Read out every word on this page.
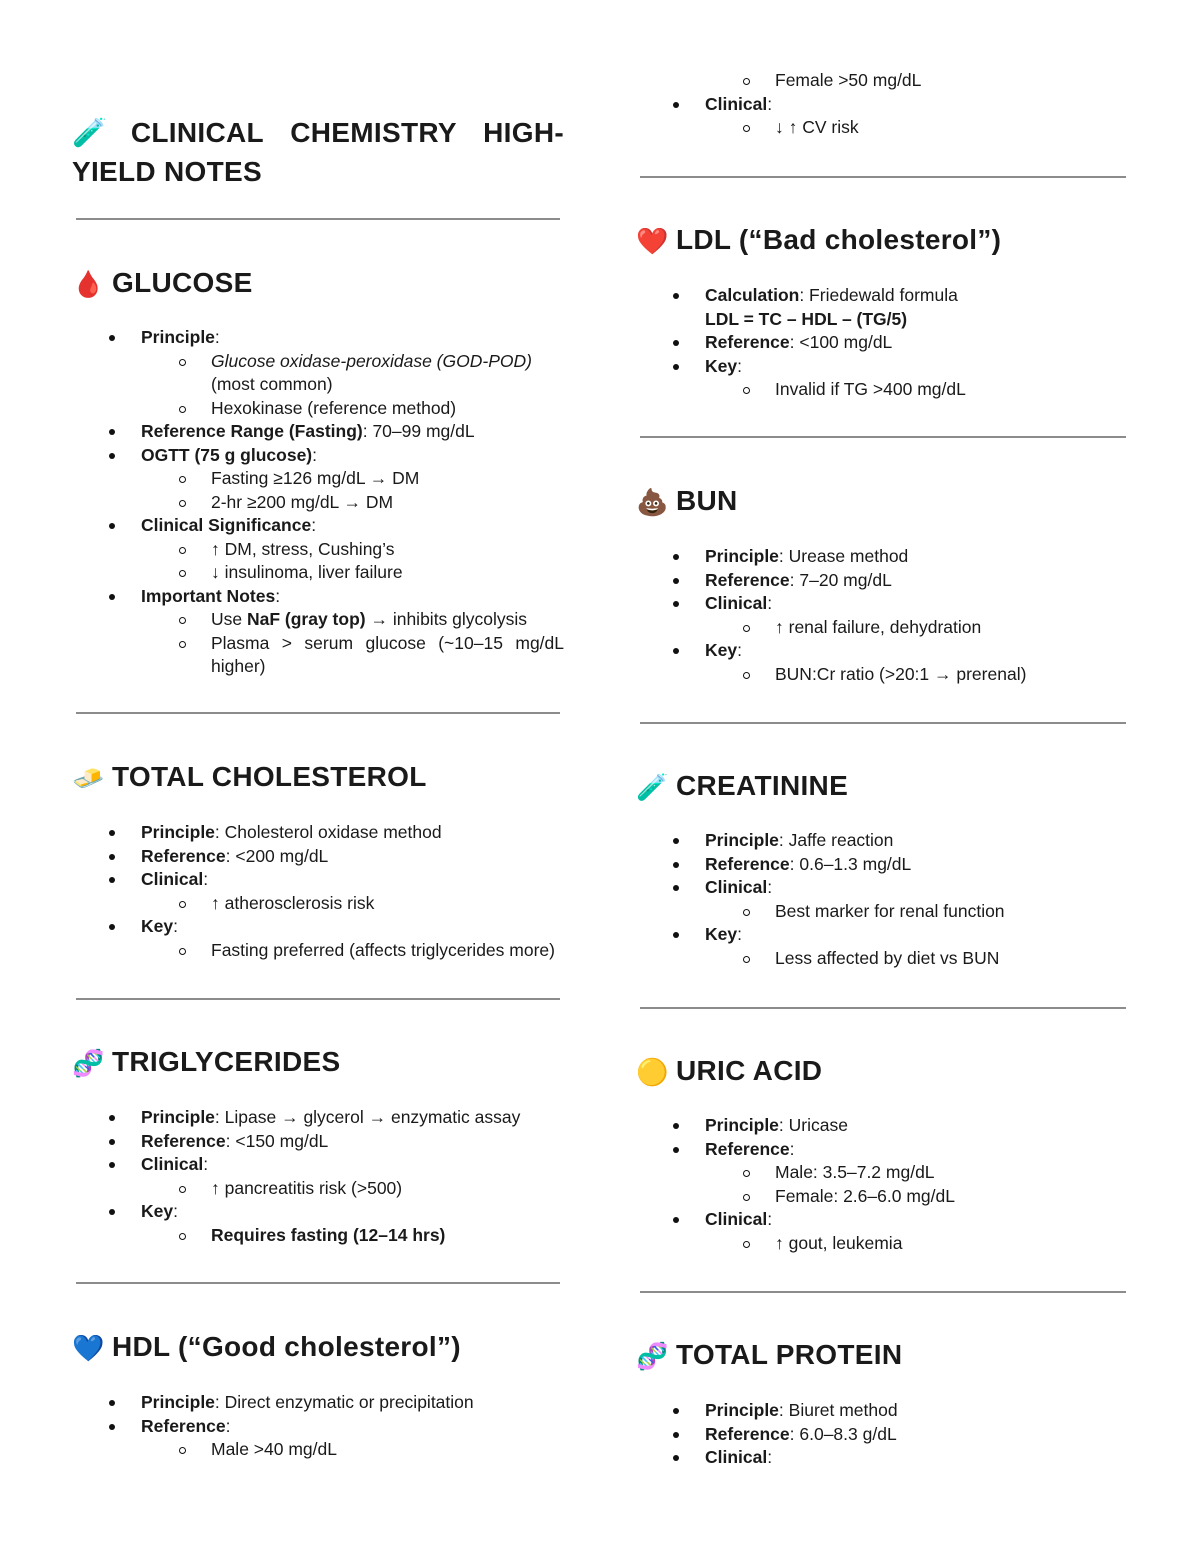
🧪 CLINICAL CHEMISTRY HIGH-YIELD NOTES
🩸 GLUCOSE
Principle:
Glucose oxidase-peroxidase (GOD-POD)
(most common)
Hexokinase (reference method)
Reference Range (Fasting): 70–99 mg/dL
OGTT (75 g glucose):
Fasting ≥126 mg/dL → DM
2-hr ≥200 mg/dL → DM
Clinical Significance:
↑ DM, stress, Cushing’s
↓ insulinoma, liver failure
Important Notes:
Use NaF (gray top) → inhibits glycolysis
Plasma > serum glucose (~10–15 mg/dL higher)
🧈 TOTAL CHOLESTEROL
Principle: Cholesterol oxidase method
Reference: <200 mg/dL
Clinical:
↑ atherosclerosis risk
Key:
Fasting preferred (affects triglycerides more)
🧬 TRIGLYCERIDES
Principle: Lipase → glycerol → enzymatic assay
Reference: <150 mg/dL
Clinical:
↑ pancreatitis risk (>500)
Key:
Requires fasting (12–14 hrs)
💙 HDL (“Good cholesterol”)
Principle: Direct enzymatic or precipitation
Reference:
Male >40 mg/dL
Female >50 mg/dL
Clinical:
↓ ↑ CV risk
❤️ LDL (“Bad cholesterol”)
Calculation: Friedewald formula
LDL = TC – HDL – (TG/5)
Reference: <100 mg/dL
Key:
Invalid if TG >400 mg/dL
💩 BUN
Principle: Urease method
Reference: 7–20 mg/dL
Clinical:
↑ renal failure, dehydration
Key:
BUN:Cr ratio (>20:1 → prerenal)
🧪 CREATININE
Principle: Jaffe reaction
Reference: 0.6–1.3 mg/dL
Clinical:
Best marker for renal function
Key:
Less affected by diet vs BUN
🟡 URIC ACID
Principle: Uricase
Reference:
Male: 3.5–7.2 mg/dL
Female: 2.6–6.0 mg/dL
Clinical:
↑ gout, leukemia
🧬 TOTAL PROTEIN
Principle: Biuret method
Reference: 6.0–8.3 g/dL
Clinical:
